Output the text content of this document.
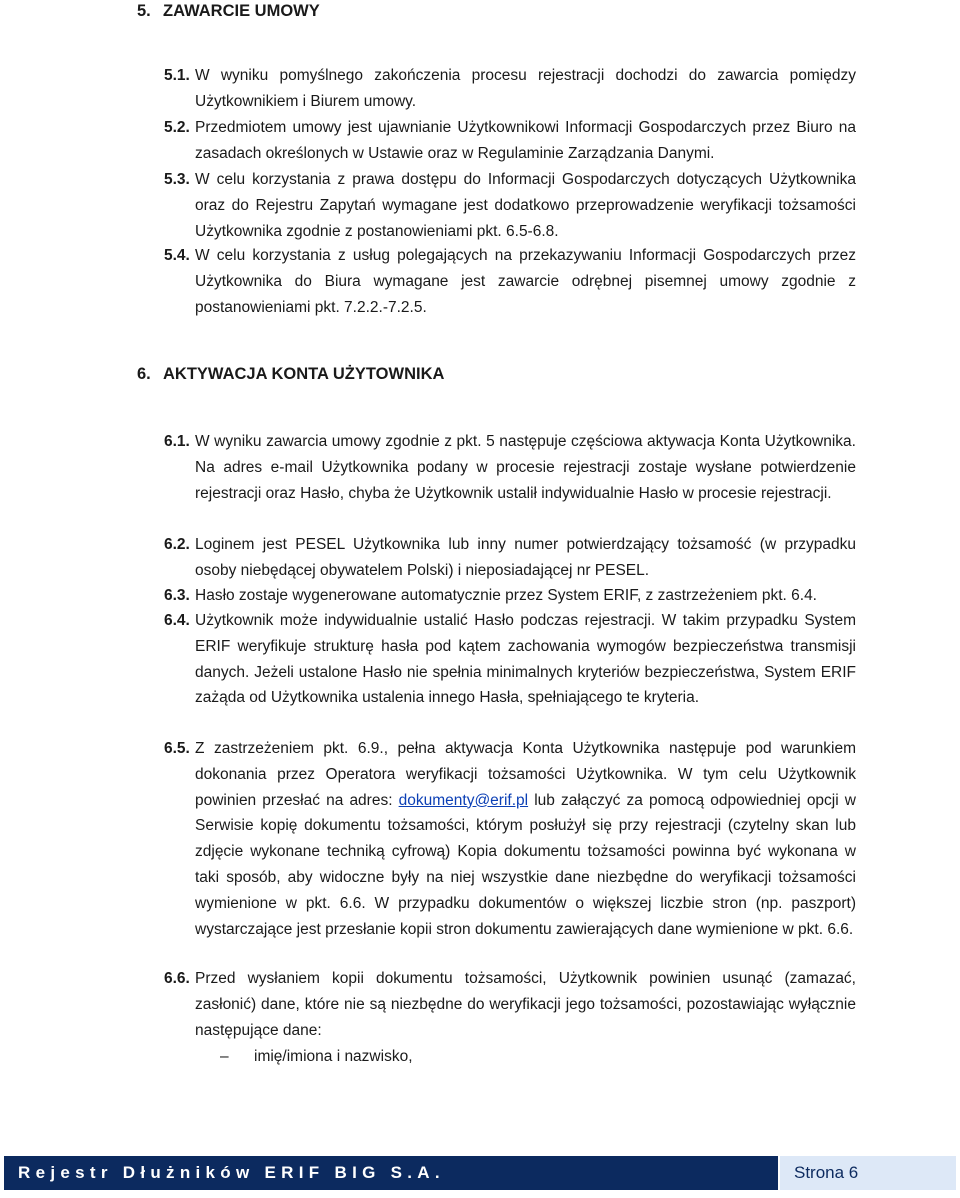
5. ZAWARCIE UMOWY
5.1. W wyniku pomyślnego zakończenia procesu rejestracji dochodzi do zawarcia pomiędzy Użytkownikiem i Biurem umowy.
5.2. Przedmiotem umowy jest ujawnianie Użytkownikowi Informacji Gospodarczych przez Biuro na zasadach określonych w Ustawie oraz w Regulaminie Zarządzania Danymi.
5.3. W celu korzystania z prawa dostępu do Informacji Gospodarczych dotyczących Użytkownika oraz do Rejestru Zapytań wymagane jest dodatkowo przeprowadzenie weryfikacji tożsamości Użytkownika zgodnie z postanowieniami pkt. 6.5-6.8.
5.4. W celu korzystania z usług polegających na przekazywaniu Informacji Gospodarczych przez Użytkownika do Biura wymagane jest zawarcie odrębnej pisemnej umowy zgodnie z postanowieniami pkt. 7.2.2.-7.2.5.
6. AKTYWACJA KONTA UŻYTOWNIKA
6.1. W wyniku zawarcia umowy zgodnie z pkt. 5 następuje częściowa aktywacja Konta Użytkownika. Na adres e-mail Użytkownika podany w procesie rejestracji zostaje wysłane potwierdzenie rejestracji oraz Hasło, chyba że Użytkownik ustalił indywidualnie Hasło w procesie rejestracji.
6.2. Loginem jest PESEL Użytkownika lub inny numer potwierdzający tożsamość (w przypadku osoby niebędącej obywatelem Polski) i nieposiadającej nr PESEL.
6.3. Hasło zostaje wygenerowane automatycznie przez System ERIF, z zastrzeżeniem pkt. 6.4.
6.4. Użytkownik może indywidualnie ustalić Hasło podczas rejestracji. W takim przypadku System ERIF weryfikuje strukturę hasła pod kątem zachowania wymogów bezpieczeństwa transmisji danych. Jeżeli ustalone Hasło nie spełnia minimalnych kryteriów bezpieczeństwa, System ERIF zażąda od Użytkownika ustalenia innego Hasła, spełniającego te kryteria.
6.5. Z zastrzeżeniem pkt. 6.9., pełna aktywacja Konta Użytkownika następuje pod warunkiem dokonania przez Operatora weryfikacji tożsamości Użytkownika. W tym celu Użytkownik powinien przesłać na adres: dokumenty@erif.pl lub załączyć za pomocą odpowiedniej opcji w Serwisie kopię dokumentu tożsamości, którym posłużył się przy rejestracji (czytelny skan lub zdjęcie wykonane techniką cyfrową) Kopia dokumentu tożsamości powinna być wykonana w taki sposób, aby widoczne były na niej wszystkie dane niezbędne do weryfikacji tożsamości wymienione w pkt. 6.6. W przypadku dokumentów o większej liczbie stron (np. paszport) wystarczające jest przesłanie kopii stron dokumentu zawierających dane wymienione w pkt. 6.6.
6.6. Przed wysłaniem kopii dokumentu tożsamości, Użytkownik powinien usunąć (zamazać, zasłonić) dane, które nie są niezbędne do weryfikacji jego tożsamości, pozostawiając wyłącznie następujące dane:
– imię/imiona i nazwisko,
Rejestr Dłużników ERIF BIG S.A.	Strona 6
